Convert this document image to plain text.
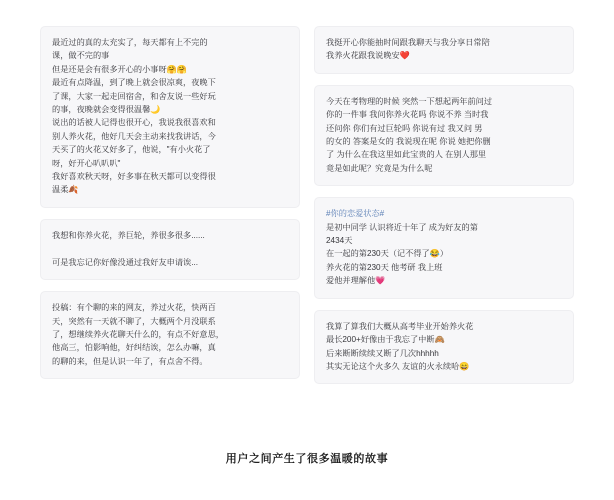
最近过的真的太充实了，每天都有上不完的
课，做不完的事
但是还是会有很多开心的小事呀🤗🤗
最近有点降温，到了晚上就会很凉爽，夜晚下
了课，大家一起走回宿舍，和舍友说一些好玩
的事，夜晚就会变得很温馨🌙
说出的话被人记得也很开心，我说我很喜欢和
别人养火花，他好几天会主动来找我讲话，今
天买了的火花又好多了，他说，"有小火花了
呀，好开心叭叭叭"
我好喜欢秋天呀，好多事在秋天都可以变得很
温柔🍂
我想和你养火花，养巨轮，养很多很多......

可是我忘记你好像没通过我好友申请诶...
投稿：有个聊的来的网友，养过火花，快两百
天，突然有一天就不聊了，大概两个月没联系
了，想继续养火花聊天什么的，有点不好意思，
他高三，怕影响他，好纠结诶，怎么办嘛，真
的聊的来，但是认识一年了，有点舍不得。
我挺开心你能抽时间跟我聊天与我分享日常陪
我养火花跟我说晚安❤️
今天在考物理的时候 突然一下想起两年前问过
你的一件事 我问你养火花吗 你说不养 当时我
还问你 你们有过巨轮吗 你说有过 我又问 男
的女的 答案是女的 我说现在呢 你说 她把你删
了 为什么在我这里如此宝贵的人 在别人那里
竟是如此呢？究竟是为什么呢
#你的恋爱状态#
是初中同学 认识将近十年了 成为好友的第
2434天
在一起的第230天（记不得了😂）
养火花的第230天 他考研 我上班
爱他并理解他💗
我算了算我们大概从高考毕业开始养火花
最长200+好像由于我忘了中断🙈
后来断断续续又断了几次hhhhh
其实无论这个火多久 友谊的火永续哈😄
用户之间产生了很多温暖的故事
